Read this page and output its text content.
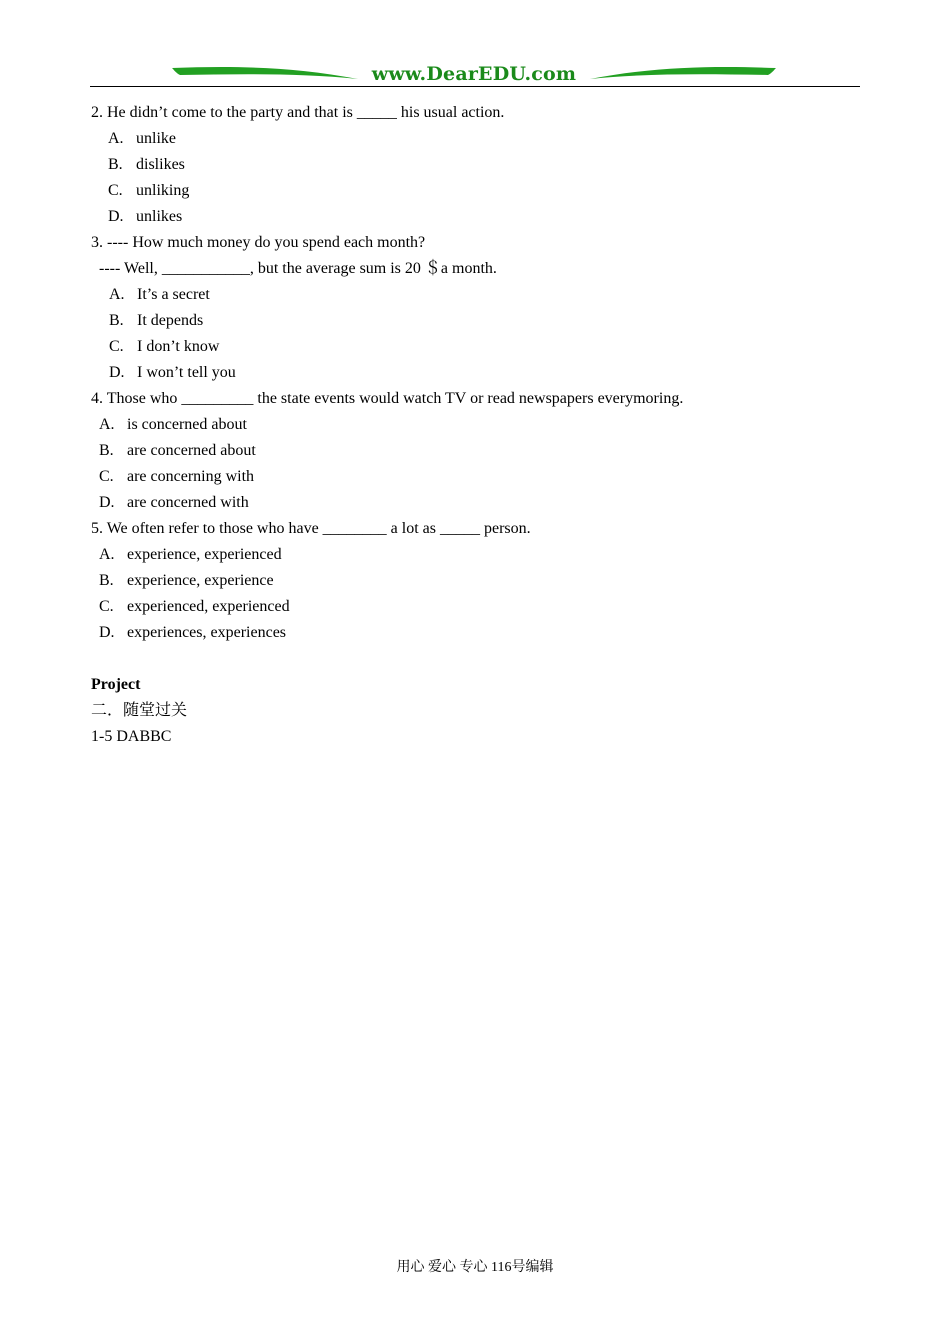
www.DearEDU.com
2. He didn’t come to the party and that is _____ his usual action.
A. unlike
B. dislikes
C. unliking
D. unlikes
3. ---- How much money do you spend each month?
---- Well, ___________, but the average sum is 20 ＄a month.
A. It’s a secret
B. It depends
C. I don’t know
D. I won’t tell you
4. Those who _________ the state events would watch TV or read newspapers everymoring.
A. is concerned about
B. are concerned about
C. are concerning with
D. are concerned with
5. We often refer to those who have ________ a lot as _____ person.
A. experience, experienced
B. experience, experience
C. experienced, experienced
D. experiences, experiences
Project
二．随堂过关
1-5 DABBC
用心 爱心 专心 116号编辑
